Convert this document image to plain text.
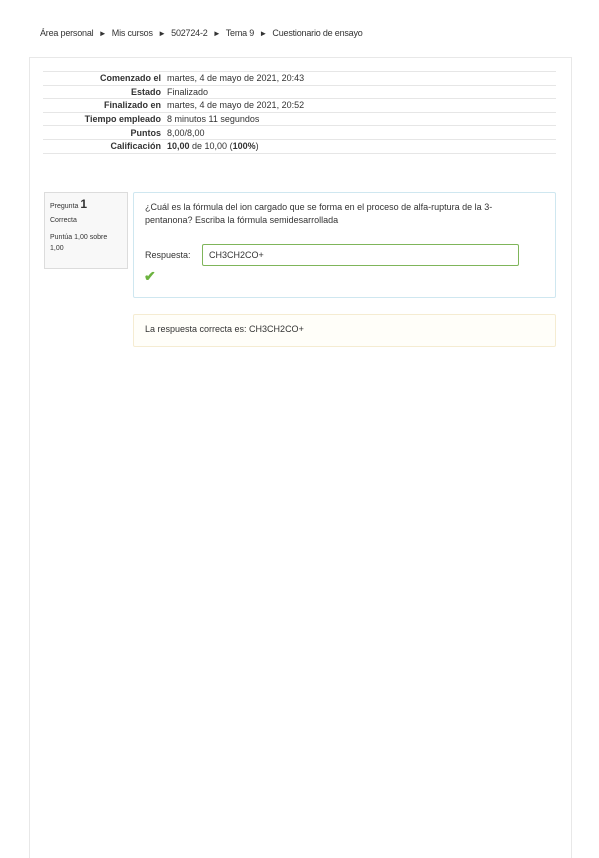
Área personal ► Mis cursos ► 502724-2 ► Tema 9 ► Cuestionario de ensayo
Comenzado el	martes, 4 de mayo de 2021, 20:43
Estado	Finalizado
Finalizado en	martes, 4 de mayo de 2021, 20:52
Tiempo empleado	8 minutos 11 segundos
Puntos	8,00/8,00
Calificación	10,00 de 10,00 (100%)
Pregunta 1
Correcta
Puntúa 1,00 sobre 1,00
¿Cuál es la fórmula del ion cargado que se forma en el proceso de alfa-ruptura de la 3-pentanona? Escriba la fórmula semidesarrollada
Respuesta:
CH3CH2CO+
✔
La respuesta correcta es: CH3CH2CO+
